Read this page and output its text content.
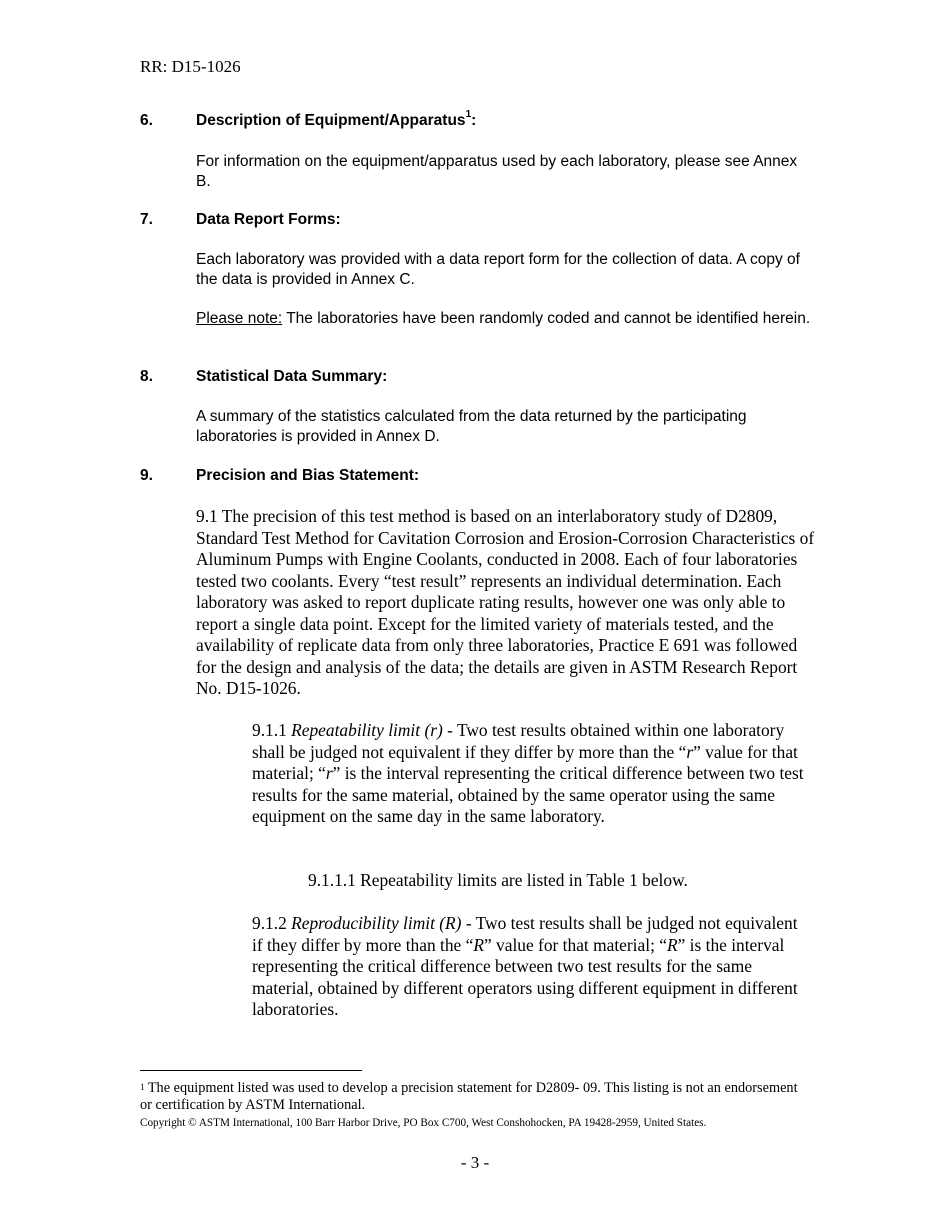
RR: D15-1026
6.	Description of Equipment/Apparatus$^1$:
For information on the equipment/apparatus used by each laboratory, please see Annex B.
7.	Data Report Forms:
Each laboratory was provided with a data report form for the collection of data. A copy of the data is provided in Annex C.
Please note: The laboratories have been randomly coded and cannot be identified herein.
8.	Statistical Data Summary:
A summary of the statistics calculated from the data returned by the participating laboratories is provided in Annex D.
9.	Precision and Bias Statement:
9.1 The precision of this test method is based on an interlaboratory study of D2809, Standard Test Method for Cavitation Corrosion and Erosion-Corrosion Characteristics of Aluminum Pumps with Engine Coolants, conducted in 2008. Each of four laboratories tested two coolants. Every “test result” represents an individual determination. Each laboratory was asked to report duplicate rating results, however one was only able to report a single data point. Except for the limited variety of materials tested, and the availability of replicate data from only three laboratories, Practice E 691 was followed for the design and analysis of the data; the details are given in ASTM Research Report No. D15-1026.
9.1.1 Repeatability limit (r) - Two test results obtained within one laboratory shall be judged not equivalent if they differ by more than the “r” value for that material; “r” is the interval representing the critical difference between two test results for the same material, obtained by the same operator using the same equipment on the same day in the same laboratory.
9.1.1.1 Repeatability limits are listed in Table 1 below.
9.1.2 Reproducibility limit (R) - Two test results shall be judged not equivalent if they differ by more than the “R” value for that material; “R” is the interval representing the critical difference between two test results for the same material, obtained by different operators using different equipment in different laboratories.
$^1$ The equipment listed was used to develop a precision statement for D2809- 09. This listing is not an endorsement or certification by ASTM International.
Copyright © ASTM International, 100 Barr Harbor Drive, PO Box C700, West Conshohocken, PA 19428-2959, United States.
- 3 -
